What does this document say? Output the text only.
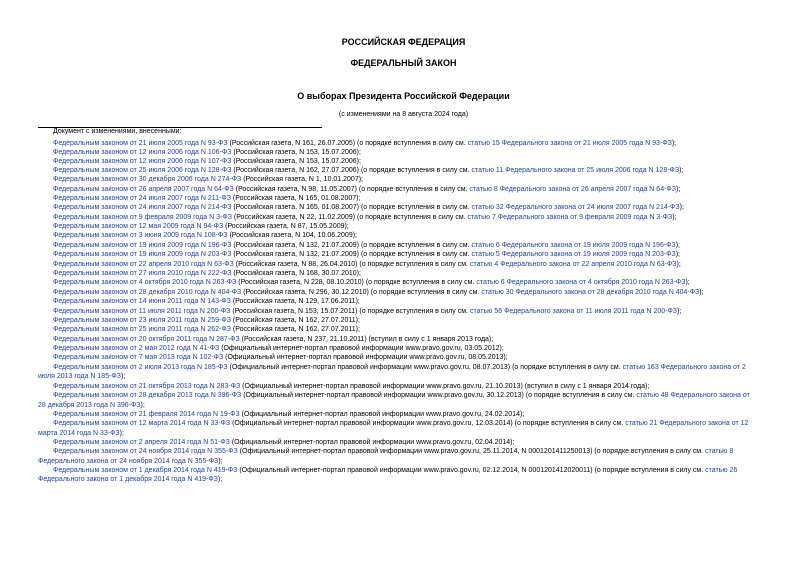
РОССИЙСКАЯ ФЕДЕРАЦИЯ
ФЕДЕРАЛЬНЫЙ ЗАКОН
О выборах Президента Российской Федерации
(с изменениями на 8 августа 2024 года)
Документ с изменениями, внесенными:
Федеральным законом от 21 июля 2005 года N 93-ФЗ (Российская газета, N 161, 26.07.2005) (о порядке вступления в силу см. статью 15 Федерального закона от 21 июля 2005 года N 93-ФЗ);
Федеральным законом от 12 июля 2006 года N 106-ФЗ (Российская газета, N 153, 15.07.2006);
Федеральным законом от 12 июля 2006 года N 107-ФЗ (Российская газета, N 153, 15.07.2006);
Федеральным законом от 25 июля 2006 года N 128-ФЗ (Российская газета, N 162, 27.07.2006) (о порядке вступления в силу см. статью 11 Федерального закона от 25 июля 2006 года N 128-ФЗ);
Федеральным законом от 30 декабря 2006 года N 274-ФЗ (Российская газета, N 1, 10.01.2007);
Федеральным законом от 26 апреля 2007 года N 64-ФЗ (Российская газета, N 98, 11.05.2007) (о порядке вступления в силу см. статью 8 Федерального закона от 26 апреля 2007 года N 64-ФЗ);
Федеральным законом от 24 июля 2007 года N 211-ФЗ (Российская газета, N 165, 01.08.2007);
Федеральным законом от 24 июля 2007 года N 214-ФЗ (Российская газета, N 165, 01.08.2007) (о порядке вступления в силу см. статью 32 Федерального закона от 24 июля 2007 года N 214-ФЗ);
Федеральным законом от 9 февраля 2009 года N 3-ФЗ (Российская газета, N 22, 11.02.2009) (о порядке вступления в силу см. статью 7 Федерального закона от 9 февраля 2009 года N 3-ФЗ);
Федеральным законом от 12 мая 2009 года N 94-ФЗ (Российская газета, N 87, 15.05.2009);
Федеральным законом от 3 июня 2009 года N 108-ФЗ (Российская газета, N 104, 10.06.2009);
Федеральным законом от 19 июля 2009 года N 196-ФЗ (Российская газета, N 132, 21.07.2009) (о порядке вступления в силу см. статью 6 Федерального закона от 19 июля 2009 года N 196-ФЗ);
Федеральным законом от 19 июля 2009 года N 203-ФЗ (Российская газета, N 132, 21.07.2009) (о порядке вступления в силу см. статью 5 Федерального закона от 19 июля 2009 года N 203-ФЗ);
Федеральным законом от 22 апреля 2010 года N 63-ФЗ (Российская газета, N 88, 26.04.2010) (о порядке вступления в силу см. статью 4 Федерального закона от 22 апреля 2010 года N 63-ФЗ);
Федеральным законом от 27 июля 2010 года N 222-ФЗ (Российская газета, N 168, 30.07.2010);
Федеральным законом от 4 октября 2010 года N 263-ФЗ (Российская газета, N 228, 08.10.2010) (о порядке вступления в силу см. статью 6 Федерального закона от 4 октября 2010 года N 263-ФЗ);
Федеральным законом от 28 декабря 2010 года N 404-ФЗ (Российская газета, N 296, 30.12.2010) (о порядке вступления в силу см. статью 30 Федерального закона от 28 декабря 2010 года N 404-ФЗ);
Федеральным законом от 14 июня 2011 года N 143-ФЗ (Российская газета, N 129, 17.06.2011);
Федеральным законом от 11 июля 2011 года N 200-ФЗ (Российская газета, N 153, 15.07.2011) (о порядке вступления в силу см. статью 56 Федерального закона от 11 июля 2011 года N 200-ФЗ);
Федеральным законом от 23 июля 2011 года N 259-ФЗ (Российская газета, N 162, 27.07.2011);
Федеральным законом от 25 июля 2011 года N 262-ФЗ (Российская газета, N 162, 27.07.2011);
Федеральным законом от 20 октября 2011 года N 287-ФЗ (Российская газета, N 237, 21.10.2011) (вступил в силу с 1 января 2013 года);
Федеральным законом от 2 мая 2012 года N 41-ФЗ (Официальный интернет-портал правовой информации www.pravo.gov.ru, 03.05.2012);
Федеральным законом от 7 мая 2013 года N 102-ФЗ (Официальный интернет-портал правовой информации www.pravo.gov.ru, 08.05.2013);
Федеральным законом от 2 июля 2013 года N 185-ФЗ (Официальный интернет-портал правовой информации www.pravo.gov.ru, 08.07.2013) (о порядке вступления в силу см. статью 163 Федерального закона от 2
июля 2013 года N 185-ФЗ);
Федеральным законом от 21 октября 2013 года N 283-ФЗ (Официальный интернет-портал правовой информации www.pravo.gov.ru, 21.10.2013) (вступил в силу с 1 января 2014 года);
Федеральным законом от 28 декабря 2013 года N 396-ФЗ (Официальный интернет-портал правовой информации www.pravo.gov.ru, 30.12.2013) (о порядке вступления в силу см. статью 48 Федерального закона от
28 декабря 2013 года N 396-ФЗ);
Федеральным законом от 21 февраля 2014 года N 19-ФЗ (Официальный интернет-портал правовой информации www.pravo.gov.ru, 24.02.2014);
Федеральным законом от 12 марта 2014 года N 33-ФЗ (Официальный интернет-портал правовой информации www.pravo.gov.ru, 12.03.2014) (о порядке вступления в силу см. статью 21 Федерального закона от 12
марта 2014 года N 33-ФЗ);
Федеральным законом от 2 апреля 2014 года N 51-ФЗ (Официальный интернет-портал правовой информации www.pravo.gov.ru, 02.04.2014);
Федеральным законом от 24 ноября 2014 года N 355-ФЗ (Официальный интернет-портал правовой информации www.pravo.gov.ru, 25.11.2014, N 0001201411250013) (о порядке вступления в силу см. статью 8
Федерального закона от 24 ноября 2014 года N 355-ФЗ);
Федеральным законом от 1 декабря 2014 года N 419-ФЗ (Официальный интернет-портал правовой информации www.pravo.gov.ru, 02.12.2014, N 0001201412020011) (о порядке вступления в силу см. статью 26
Федерального закона от 1 декабря 2014 года N 419-ФЗ);
